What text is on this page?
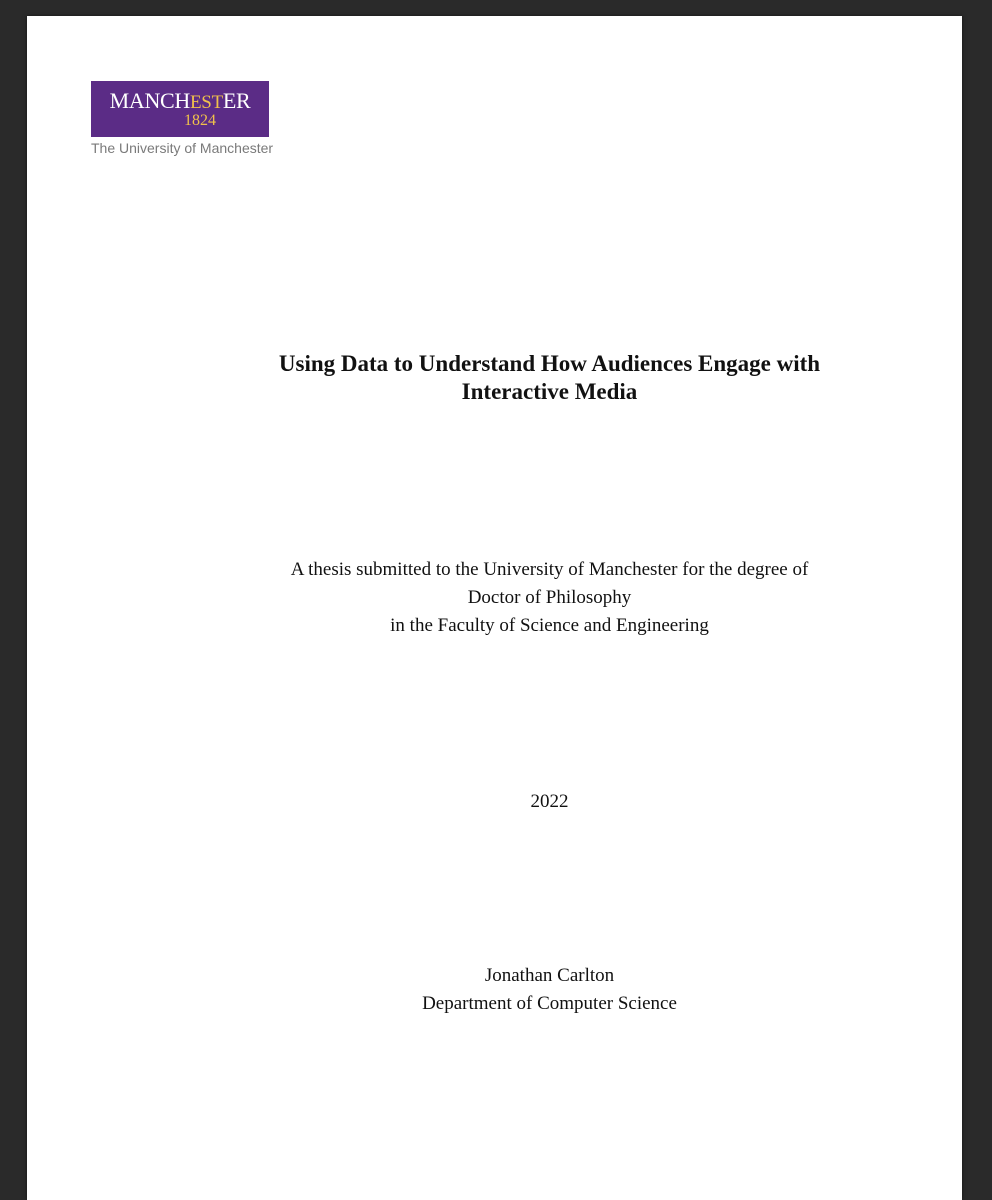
MANCHESTER
1824
The University of Manchester
Using Data to Understand How Audiences Engage with Interactive Media
A thesis submitted to the University of Manchester for the degree of
Doctor of Philosophy
in the Faculty of Science and Engineering
2022
Jonathan Carlton
Department of Computer Science
